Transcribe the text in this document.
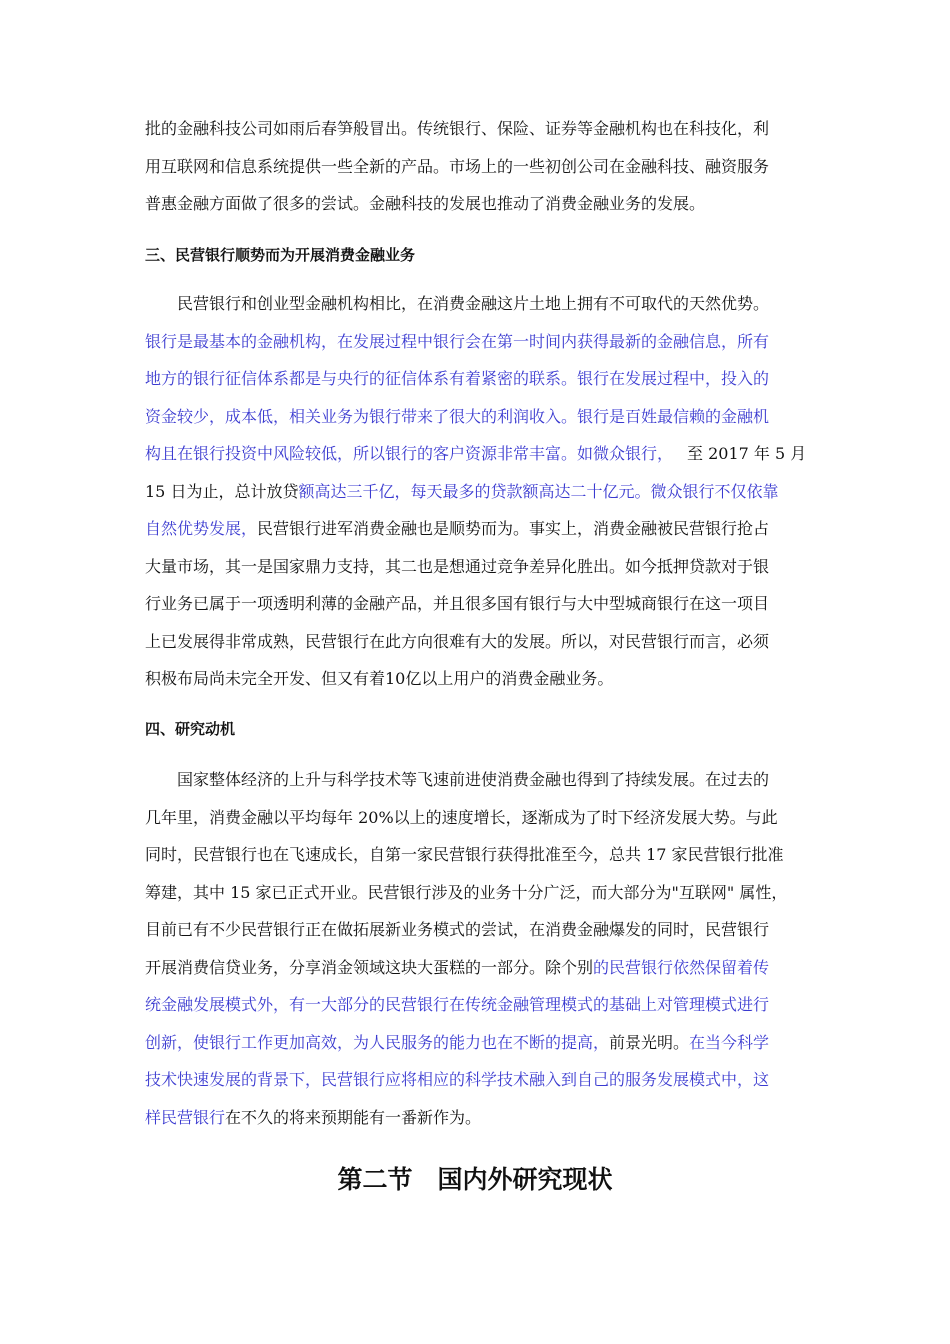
批的金融科技公司如雨后春笋般冒出。传统银行、保险、证券等金融机构也在科技化，利
用互联网和信息系统提供一些全新的产品。市场上的一些初创公司在金融科技、融资服务
普惠金融方面做了很多的尝试。金融科技的发展也推动了消费金融业务的发展。
三、民营银行顺势而为开展消费金融业务
民营银行和创业型金融机构相比，在消费金融这片土地上拥有不可取代的天然优势。
银行是最基本的金融机构，在发展过程中银行会在第一时间内获得最新的金融信息，所有
地方的银行征信体系都是与央行的征信体系有着紧密的联系。银行在发展过程中，投入的
资金较少，成本低，相关业务为银行带来了很大的利润收入。银行是百姓最信赖的金融机
构且在银行投资中风险较低，所以银行的客户资源非常丰富。如微众银行， 至 2017 年 5 月
15 日为止，总计放贷额高达三千亿，每天最多的贷款额高达二十亿元。微众银行不仅依靠
自然优势发展，民营银行进军消费金融也是顺势而为。事实上，消费金融被民营银行抢占
大量市场，其一是国家鼎力支持，其二也是想通过竞争差异化胜出。如今抵押贷款对于银
行业务已属于一项透明利薄的金融产品，并且很多国有银行与大中型城商银行在这一项目
上已发展得非常成熟，民营银行在此方向很难有大的发展。所以，对民营银行而言，必须
积极布局尚未完全开发、但又有着10亿以上用户的消费金融业务。
四、研究动机
国家整体经济的上升与科学技术等飞速前进使消费金融也得到了持续发展。在过去的
几年里，消费金融以平均每年 20%以上的速度增长，逐渐成为了时下经济发展大势。与此
同时，民营银行也在飞速成长，自第一家民营银行获得批准至今，总共 17 家民营银行批准
筹建，其中 15 家已正式开业。民营银行涉及的业务十分广泛，而大部分为"互联网" 属性，
目前已有不少民营银行正在做拓展新业务模式的尝试，在消费金融爆发的同时，民营银行
开展消费信贷业务，分享消金领域这块大蛋糕的一部分。除个别的民营银行依然保留着传
统金融发展模式外，有一大部分的民营银行在传统金融管理模式的基础上对管理模式进行
创新，使银行工作更加高效，为人民服务的能力也在不断的提高，前景光明。在当今科学
技术快速发展的背景下，民营银行应将相应的科学技术融入到自己的服务发展模式中，这
样民营银行在不久的将来预期能有一番新作为。
第二节　国内外研究现状
